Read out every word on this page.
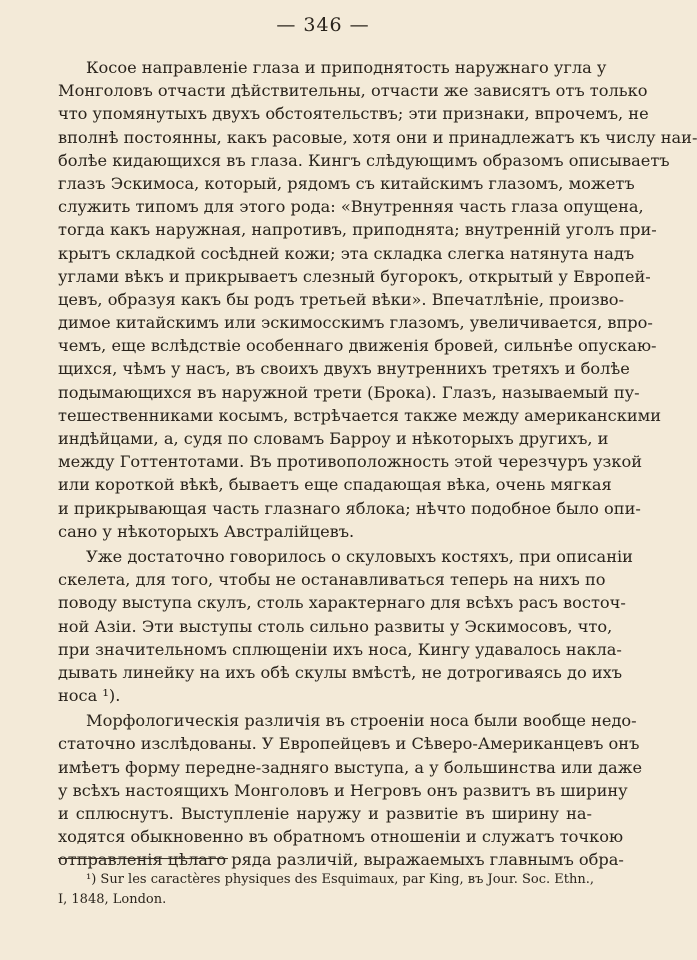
— 346 —
Косое направленіе глаза и приподнятость наружнаго угла у
Монголовъ отчасти дѣйствительны, отчасти же зависятъ отъ только
что упомянутыхъ двухъ обстоятельствъ; эти признаки, впрочемъ, не
вполнѣ постоянны, какъ расовые, хотя они и принадлежатъ къ числу наи-
болѣе кидающихся въ глаза. Кингъ слѣдующимъ образомъ описываетъ
глазъ Эскимоса, который, рядомъ съ китайскимъ глазомъ, можетъ
служить типомъ для этого рода: «Внутренняя часть глаза опущена,
тогда какъ наружная, напротивъ, приподнята; внутренній уголъ при-
крытъ складкой сосѣдней кожи; эта складка слегка натянута надъ
углами вѣкъ и прикрываетъ слезный бугорокъ, открытый у Европей-
цевъ, образуя какъ бы родъ третьей вѣки». Впечатлѣніе, произво-
димое китайскимъ или эскимосскимъ глазомъ, увеличивается, впро-
чемъ, еще вслѣдствіе особеннаго движенія бровей, сильнѣе опускаю-
щихся, чѣмъ у насъ, въ своихъ двухъ внутреннихъ третяхъ и болѣе
подымающихся въ наружной трети (Брока). Глазъ, называемый пу-
тешественниками косымъ, встрѣчается также между американскими
индѣйцами, а, судя по словамъ Барроу и нѣкоторыхъ другихъ, и
между Готтентотами. Въ противоположность этой черезчуръ узкой
или короткой вѣкѣ, бываетъ еще спадающая вѣка, очень мягкая
и прикрывающая часть глазнаго яблока; нѣчто подобное было опи-
сано у нѣкоторыхъ Австралійцевъ.
Уже достаточно говорилось о скуловыхъ костяхъ, при описаніи
скелета, для того, чтобы не останавливаться теперь на нихъ по
поводу выступа скулъ, столь характернаго для всѣхъ расъ восточ-
ной Азіи. Эти выступы столь сильно развиты у Эскимосовъ, что,
при значительномъ сплющеніи ихъ носа, Кингу удавалось накла-
дывать линейку на ихъ обѣ скулы вмѣстѣ, не дотрогиваясь до ихъ
носа ¹).
Морфологическія различія въ строеніи носа были вообще недо-
статочно изслѣдованы. У Европейцевъ и Сѣверо-Американцевъ онъ
имѣетъ форму передне-задняго выступа, а у большинства или даже
у всѣхъ настоящихъ Монголовъ и Негровъ онъ развитъ въ ширину
и сплюснутъ. Выступленіе наружу и развитіе въ ширину на-
ходятся обыкновенно въ обратномъ отношеніи и служатъ точкою
отправленія цѣлаго ряда различій, выражаемыхъ главнымъ обра-
¹) Sur les caractères physiques des Esquimaux, par King, въ Jour. Soc. Ethn.,
I, 1848, London.
